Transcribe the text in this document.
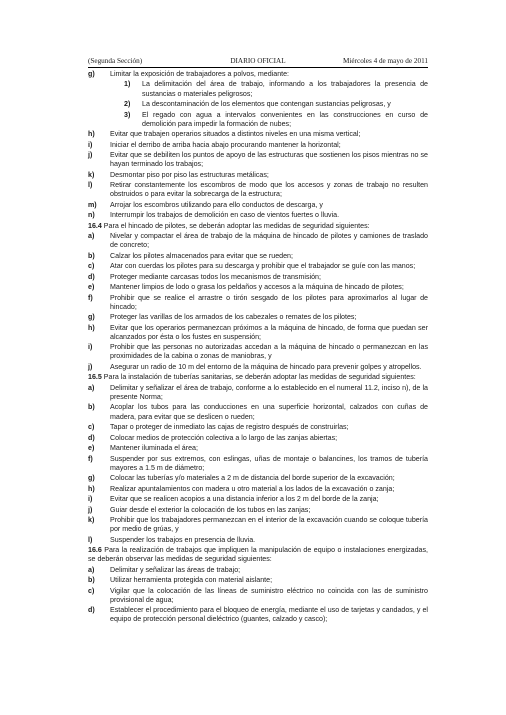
(Segunda Sección)	DIARIO OFICIAL	Miércoles 4 de mayo de 2011
g) Limitar la exposición de trabajadores a polvos, mediante:
1) La delimitación del área de trabajo, informando a los trabajadores la presencia de sustancias o materiales peligrosos;
2) La descontaminación de los elementos que contengan sustancias peligrosas, y
3) El regado con agua a intervalos convenientes en las construcciones en curso de demolición para impedir la formación de nubes;
h) Evitar que trabajen operarios situados a distintos niveles en una misma vertical;
i) Iniciar el derribo de arriba hacia abajo procurando mantener la horizontal;
j) Evitar que se debiliten los puntos de apoyo de las estructuras que sostienen los pisos mientras no se hayan terminado los trabajos;
k) Desmontar piso por piso las estructuras metálicas;
l) Retirar constantemente los escombros de modo que los accesos y zonas de trabajo no resulten obstruidos o para evitar la sobrecarga de la estructura;
m) Arrojar los escombros utilizando para ello conductos de descarga, y
n) Interrumpir los trabajos de demolición en caso de vientos fuertes o lluvia.
16.4 Para el hincado de pilotes, se deberán adoptar las medidas de seguridad siguientes:
a) Nivelar y compactar el área de trabajo de la máquina de hincado de pilotes y camiones de traslado de concreto;
b) Calzar los pilotes almacenados para evitar que se rueden;
c) Atar con cuerdas los pilotes para su descarga y prohibir que el trabajador se guíe con las manos;
d) Proteger mediante carcasas todos los mecanismos de transmisión;
e) Mantener limpios de lodo o grasa los peldaños y accesos a la máquina de hincado de pilotes;
f) Prohibir que se realice el arrastre o tirón sesgado de los pilotes para aproximarlos al lugar de hincado;
g) Proteger las varillas de los armados de los cabezales o remates de los pilotes;
h) Evitar que los operarios permanezcan próximos a la máquina de hincado, de forma que puedan ser alcanzados por ésta o los fustes en suspensión;
i) Prohibir que las personas no autorizadas accedan a la máquina de hincado o permanezcan en las proximidades de la cabina o zonas de maniobras, y
j) Asegurar un radio de 10 m del entorno de la máquina de hincado para prevenir golpes y atropellos.
16.5 Para la instalación de tuberías sanitarias, se deberán adoptar las medidas de seguridad siguientes:
a) Delimitar y señalizar el área de trabajo, conforme a lo establecido en el numeral 11.2, inciso n), de la presente Norma;
b) Acoplar los tubos para las conducciones en una superficie horizontal, calzados con cuñas de madera, para evitar que se deslicen o rueden;
c) Tapar o proteger de inmediato las cajas de registro después de construirlas;
d) Colocar medios de protección colectiva a lo largo de las zanjas abiertas;
e) Mantener iluminada el área;
f) Suspender por sus extremos, con eslingas, uñas de montaje o balancines, los tramos de tubería mayores a 1.5 m de diámetro;
g) Colocar las tuberías y/o materiales a 2 m de distancia del borde superior de la excavación;
h) Realizar apuntalamientos con madera u otro material a los lados de la excavación o zanja;
i) Evitar que se realicen acopios a una distancia inferior a los 2 m del borde de la zanja;
j) Guiar desde el exterior la colocación de los tubos en las zanjas;
k) Prohibir que los trabajadores permanezcan en el interior de la excavación cuando se coloque tubería por medio de grúas, y
l) Suspender los trabajos en presencia de lluvia.
16.6 Para la realización de trabajos que impliquen la manipulación de equipo o instalaciones energizadas, se deberán observar las medidas de seguridad siguientes:
a) Delimitar y señalizar las áreas de trabajo;
b) Utilizar herramienta protegida con material aislante;
c) Vigilar que la colocación de las líneas de suministro eléctrico no coincida con las de suministro provisional de agua;
d) Establecer el procedimiento para el bloqueo de energía, mediante el uso de tarjetas y candados, y el equipo de protección personal dieléctrico (guantes, calzado y casco);
